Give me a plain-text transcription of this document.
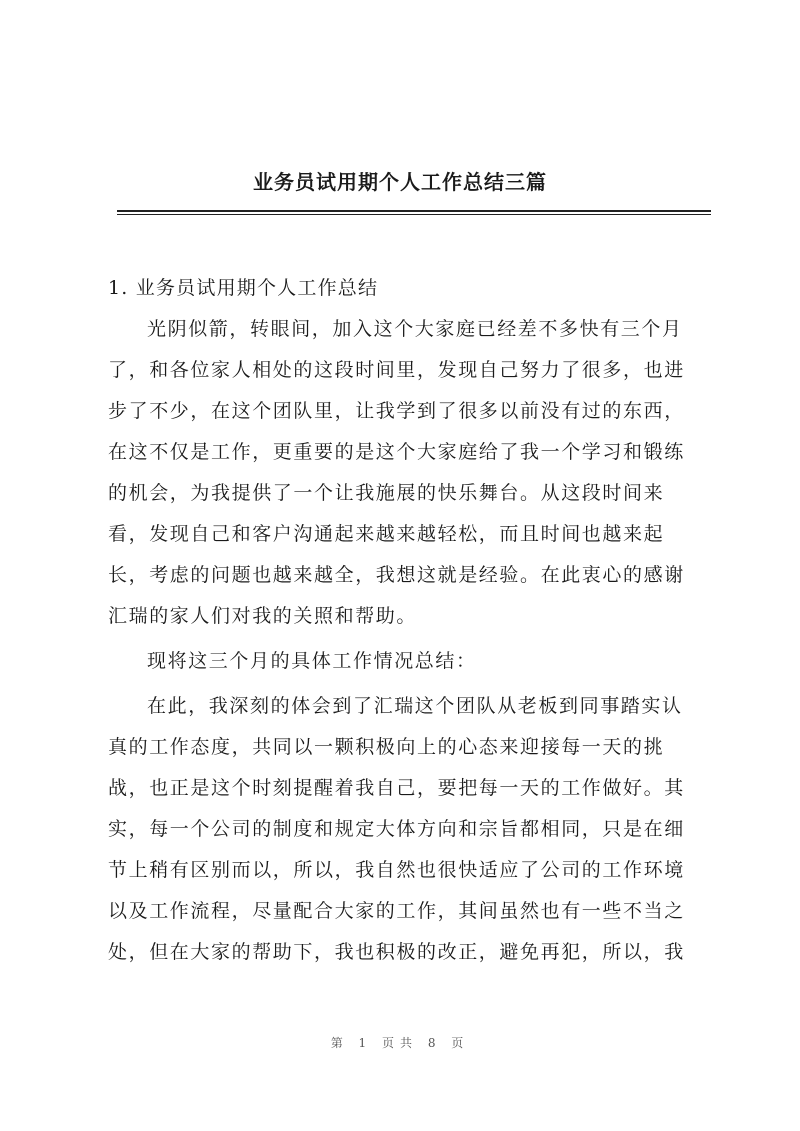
业务员试用期个人工作总结三篇
1. 业务员试用期个人工作总结
光阴似箭，转眼间，加入这个大家庭已经差不多快有三个月
了，和各位家人相处的这段时间里，发现自己努力了很多，也进
步了不少，在这个团队里，让我学到了很多以前没有过的东西，
在这不仅是工作，更重要的是这个大家庭给了我一个学习和锻练
的机会，为我提供了一个让我施展的快乐舞台。从这段时间来
看，发现自己和客户沟通起来越来越轻松，而且时间也越来起
长，考虑的问题也越来越全，我想这就是经验。在此衷心的感谢
汇瑞的家人们对我的关照和帮助。
现将这三个月的具体工作情况总结：
在此，我深刻的体会到了汇瑞这个团队从老板到同事踏实认
真的工作态度，共同以一颗积极向上的心态来迎接每一天的挑
战，也正是这个时刻提醒着我自己，要把每一天的工作做好。其
实，每一个公司的制度和规定大体方向和宗旨都相同，只是在细
节上稍有区别而以，所以，我自然也很快适应了公司的工作环境
以及工作流程，尽量配合大家的工作，其间虽然也有一些不当之
处，但在大家的帮助下，我也积极的改正，避免再犯，所以，我
第 1 页共 8 页
